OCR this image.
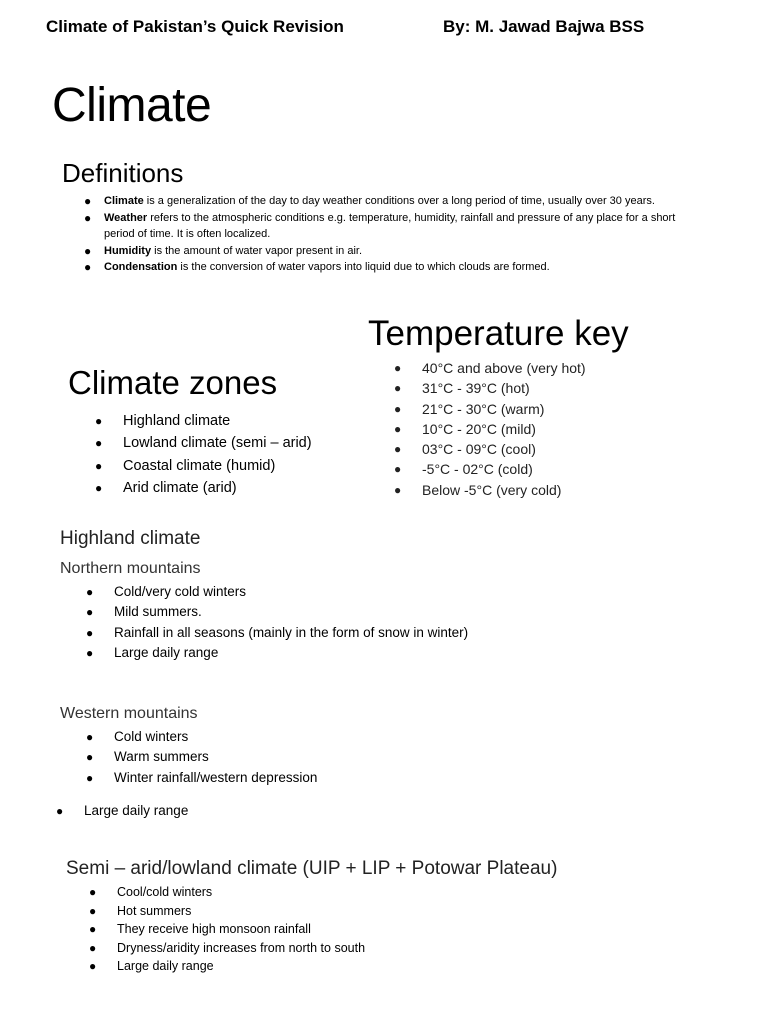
Climate of Pakistan’s Quick Revision	By: M. Jawad Bajwa BSS
Climate
Definitions
● Climate is a generalization of the day to day weather conditions over a long period of time, usually over 30 years.
● Weather refers to the atmospheric conditions e.g. temperature, humidity, rainfall and pressure of any place for a short period of time. It is often localized.
● Humidity is the amount of water vapor present in air.
● Condensation is the conversion of water vapors into liquid due to which clouds are formed.
Temperature key
● 40°C and above (very hot)
● 31°C - 39°C (hot)
● 21°C - 30°C (warm)
● 10°C - 20°C (mild)
● 03°C - 09°C (cool)
● -5°C - 02°C (cold)
● Below -5°C (very cold)
Climate zones
● Highland climate
● Lowland climate (semi – arid)
● Coastal climate (humid)
● Arid climate (arid)
Highland climate
Northern mountains
● Cold/very cold winters
● Mild summers.
● Rainfall in all seasons (mainly in the form of snow in winter)
● Large daily range
Western mountains
● Cold winters
● Warm summers
● Winter rainfall/western depression
● Large daily range
Semi – arid/lowland climate (UIP + LIP + Potowar Plateau)
● Cool/cold winters
● Hot summers
● They receive high monsoon rainfall
● Dryness/aridity increases from north to south
● Large daily range
